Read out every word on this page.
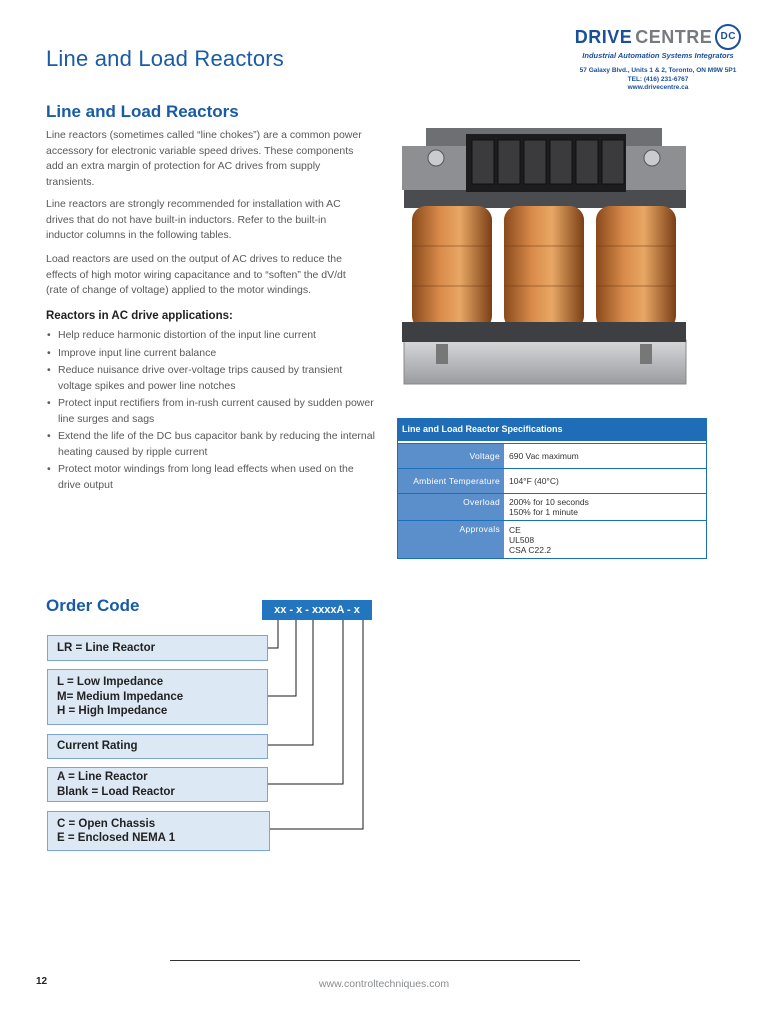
Line and Load Reactors
DRIVE CENTRE DC
Industrial Automation Systems Integrators
57 Galaxy Blvd., Units 1 & 2, Toronto, ON M9W 5P1
TEL: (416) 231-6767
www.drivecentre.ca
Line and Load Reactors

Line reactors (sometimes called “line chokes”) are a common power accessory for electronic variable speed drives. These components add an extra margin of protection for AC drives from supply transients.

Line reactors are strongly recommended for installation with AC drives that do not have built-in inductors. Refer to the built-in inductor columns in the following tables.

Load reactors are used on the output of AC drives to reduce the effects of high motor wiring capacitance and to “soften” the dV/dt (rate of change of voltage) applied to the motor windings.

Reactors in AC drive applications:
• Help reduce harmonic distortion of the input line current
• Improve input line current balance
• Reduce nuisance drive over-voltage trips caused by transient voltage spikes and power line notches
• Protect input rectifiers from in-rush current caused by sudden power line surges and sags
• Extend the life of the DC bus capacitor bank by reducing the internal heating caused by ripple current
• Protect motor windings from long lead effects when used on the drive output
Line and Load Reactor Specifications
Voltage	690 Vac maximum
Ambient Temperature	104°F (40°C)
Overload	200% for 10 seconds
150% for 1 minute
Approvals	CE
UL508
CSA C22.2
Order Code	xx - x - xxxxA - x
LR = Line Reactor
L = Low Impedance
M= Medium Impedance
H = High Impedance
Current Rating
A = Line Reactor
Blank = Load Reactor
C = Open Chassis
E = Enclosed NEMA 1
12	www.controltechniques.com
